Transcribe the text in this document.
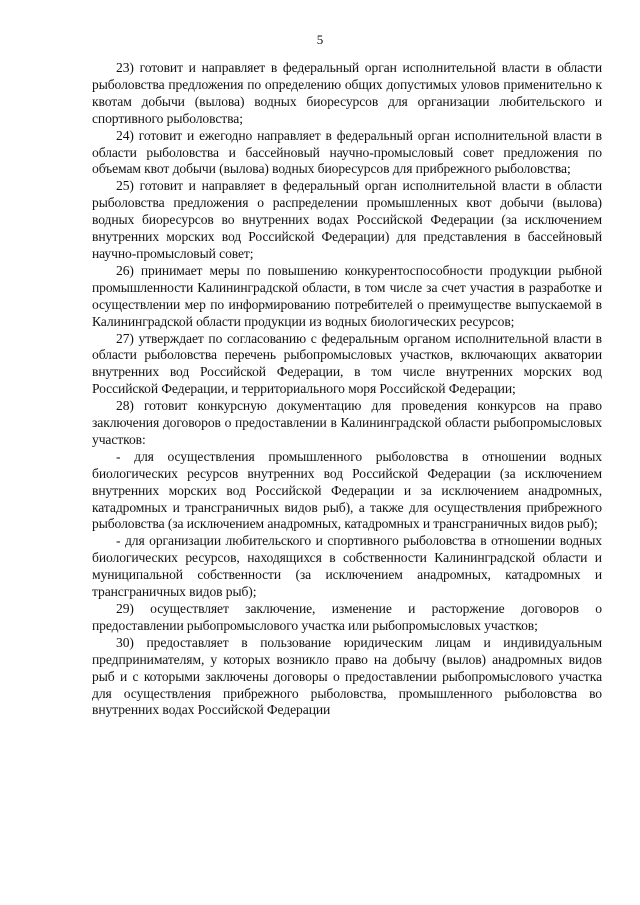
5

23) готовит и направляет в федеральный орган исполнительной власти в области рыболовства предложения по определению общих допустимых уловов применительно к квотам добычи (вылова) водных биоресурсов для организации любительского и спортивного рыболовства;

24) готовит и ежегодно направляет в федеральный орган исполнительной власти в области рыболовства и бассейновый научно-промысловый совет предложения по объемам квот добычи (вылова) водных биоресурсов для прибрежного рыболовства;

25) готовит и направляет в федеральный орган исполнительной власти в области рыболовства предложения о распределении промышленных квот добычи (вылова) водных биоресурсов во внутренних водах Российской Федерации (за исключением внутренних морских вод Российской Федерации) для представления в бассейновый научно-промысловый совет;

26) принимает меры по повышению конкурентоспособности продукции рыбной промышленности Калининградской области, в том числе за счет участия в разработке и осуществлении мер по информированию потребителей о преимуществе выпускаемой в Калининградской области продукции из водных биологических ресурсов;

27) утверждает по согласованию с федеральным органом исполнительной власти в области рыболовства перечень рыбопромысловых участков, включающих акватории внутренних вод Российской Федерации, в том числе внутренних морских вод Российской Федерации, и территориального моря Российской Федерации;

28) готовит конкурсную документацию для проведения конкурсов на право заключения договоров о предоставлении в Калининградской области рыбопромысловых участков:

- для осуществления промышленного рыболовства в отношении водных биологических ресурсов внутренних вод Российской Федерации (за исключением внутренних морских вод Российской Федерации и за исключением анадромных, катадромных и трансграничных видов рыб), а также для осуществления прибрежного рыболовства (за исключением анадромных, катадромных и трансграничных видов рыб);

- для организации любительского и спортивного рыболовства в отношении водных биологических ресурсов, находящихся в собственности Калининградской области и муниципальной собственности (за исключением анадромных, катадромных и трансграничных видов рыб);

29) осуществляет заключение, изменение и расторжение договоров о предоставлении рыбопромыслового участка или рыбопромысловых участков;

30) предоставляет в пользование юридическим лицам и индивидуальным предпринимателям, у которых возникло право на добычу (вылов) анадромных видов рыб и с которыми заключены договоры о предоставлении рыбопромыслового участка для осуществления прибрежного рыболовства, промышленного рыболовства во внутренних водах Российской Федерации
